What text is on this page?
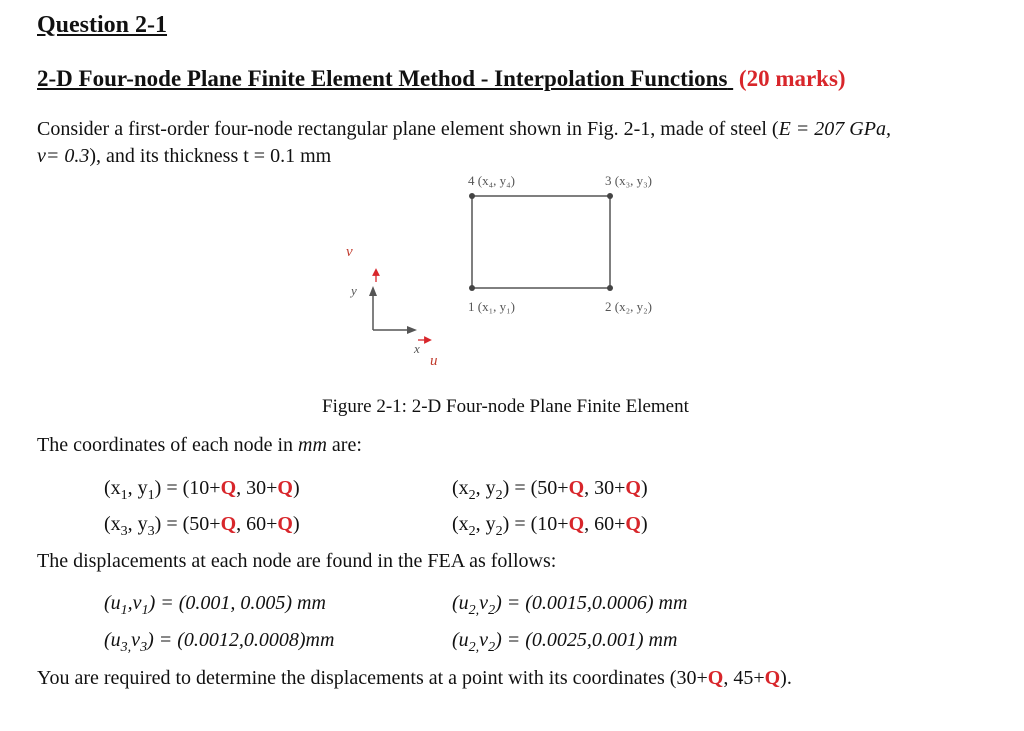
Question 2-1
2-D Four-node Plane Finite Element Method - Interpolation Functions (20 marks)
Consider a first-order four-node rectangular plane element shown in Fig. 2-1, made of steel (E = 207 GPa,
v= 0.3), and its thickness t = 0.1 mm
4 (x₄, y₄)	3 (x₃, y₃)
1 (x₁, y₁)	2 (x₂, y₂)
v
y
x
u
Figure 2-1: 2-D Four-node Plane Finite Element
The coordinates of each node in mm are:
($x_1$, $y_1) = (10+Q$, 30+Q)	($x_2$, $y_2) = (50+Q$, 30+Q)
($x_3$, $y_3) = (50+Q$, 60+Q)	($x_2$, $y_2) = (10+Q$, 60+Q)
The displacements at each node are found in the FEA as follows:
$(u_1,v_1) = (0.001$, 0.005) mm	$(u_{2,}v_2) = (0.0015,0.0006)$ mm
$(u_{3,}v_3) = (0.0012,0.0008)mm$	$(u_{2,}v_2) = (0.0025,0.001)$ mm
You are required to determine the displacements at a point with its coordinates (30+Q, 45+Q).
